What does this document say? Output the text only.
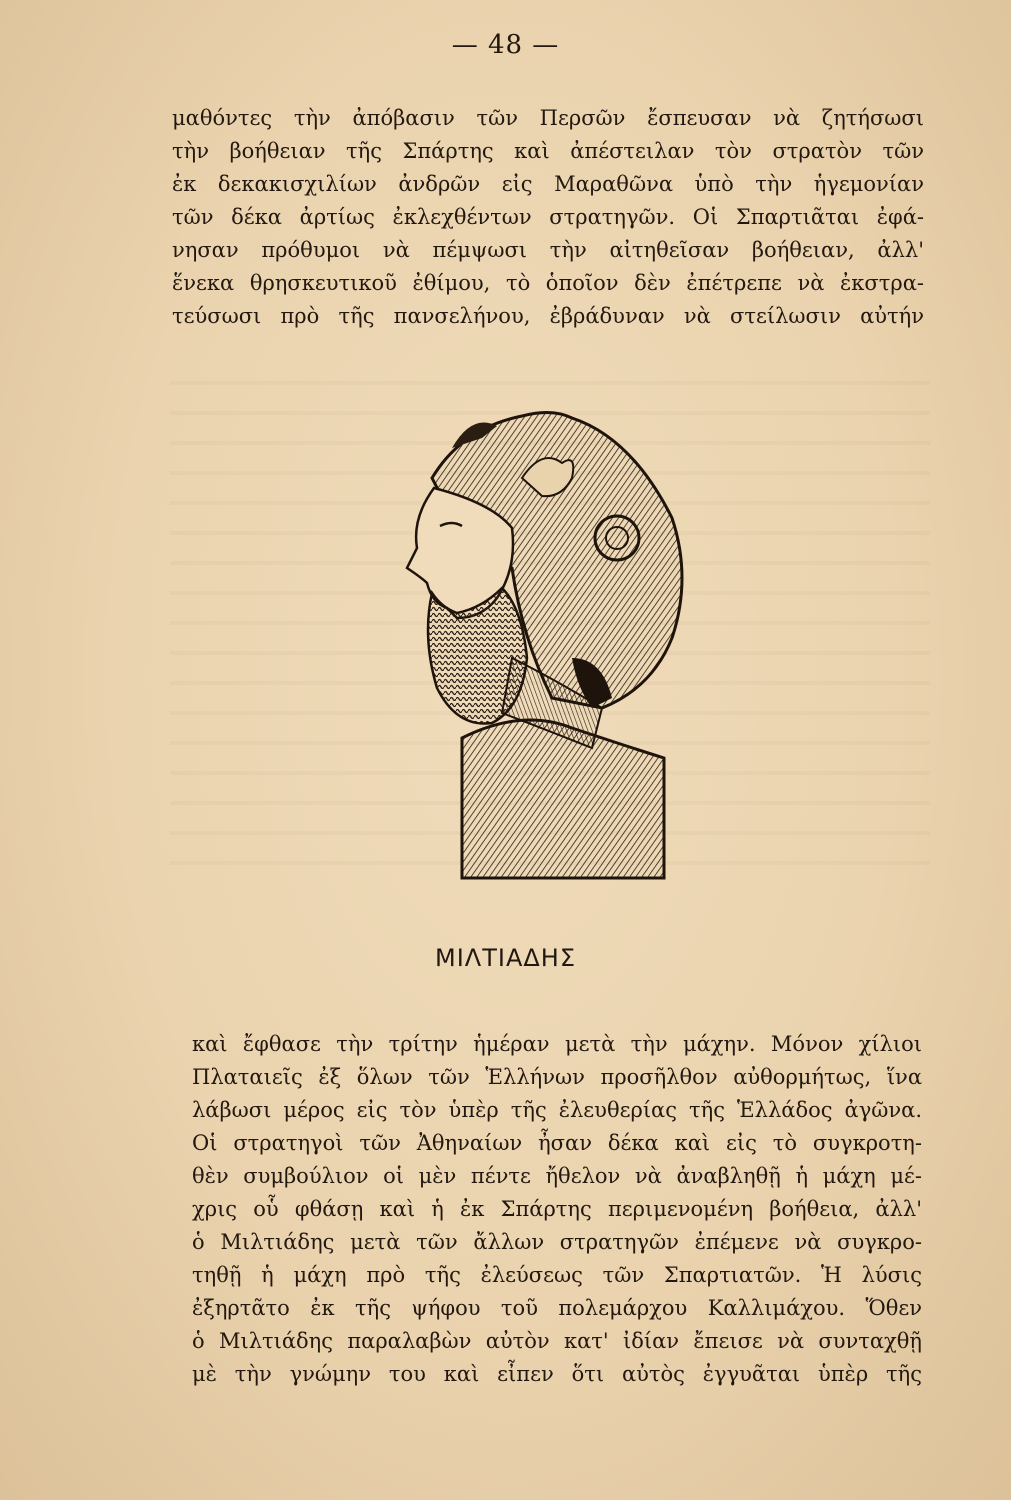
— 48 —
μαθόντες τὴν ἀπόβασιν τῶν Περσῶν ἔσπευσαν νὰ ζητήσωσι
τὴν βοήθειαν τῆς Σπάρτης καὶ ἀπέστειλαν τὸν στρατὸν τῶν
ἐκ δεκακισχιλίων ἀνδρῶν εἰς Μαραθῶνα ὑπὸ τὴν ἡγεμονίαν
τῶν δέκα ἀρτίως ἐκλεχθέντων στρατηγῶν. Οἱ Σπαρτιᾶται ἐφά-
νησαν πρόθυμοι νὰ πέμψωσι τὴν αἰτηθεῖσαν βοήθειαν, ἀλλ'
ἕνεκα θρησκευτικοῦ ἐθίμου, τὸ ὁποῖον δὲν ἐπέτρεπε νὰ ἐκστρα-
τεύσωσι πρὸ τῆς πανσελήνου, ἐβράδυναν νὰ στείλωσιν αὐτήν
ΜΙΛΤΙΑΔΗΣ
καὶ ἔφθασε τὴν τρίτην ἡμέραν μετὰ τὴν μάχην. Μόνον χίλιοι
Πλαταιεῖς ἐξ ὅλων τῶν Ἑλλήνων προσῆλθον αὐθορμήτως, ἵνα
λάβωσι μέρος εἰς τὸν ὑπὲρ τῆς ἐλευθερίας τῆς Ἑλλάδος ἀγῶνα.
Οἱ στρατηγοὶ τῶν Ἀθηναίων ἦσαν δέκα καὶ εἰς τὸ συγκροτη-
θὲν συμβούλιον οἱ μὲν πέντε ἤθελον νὰ ἀναβληθῇ ἡ μάχη μέ-
χρις οὗ φθάσῃ καὶ ἡ ἐκ Σπάρτης περιμενομένη βοήθεια, ἀλλ'
ὁ Μιλτιάδης μετὰ τῶν ἄλλων στρατηγῶν ἐπέμενε νὰ συγκρο-
τηθῇ ἡ μάχη πρὸ τῆς ἐλεύσεως τῶν Σπαρτιατῶν. Ἡ λύσις
ἐξηρτᾶτο ἐκ τῆς ψήφου τοῦ πολεμάρχου Καλλιμάχου. Ὅθεν
ὁ Μιλτιάδης παραλαβὼν αὐτὸν κατ' ἰδίαν ἔπεισε νὰ συνταχθῇ
μὲ τὴν γνώμην του καὶ εἶπεν ὅτι αὐτὸς ἐγγυᾶται ὑπὲρ τῆς
